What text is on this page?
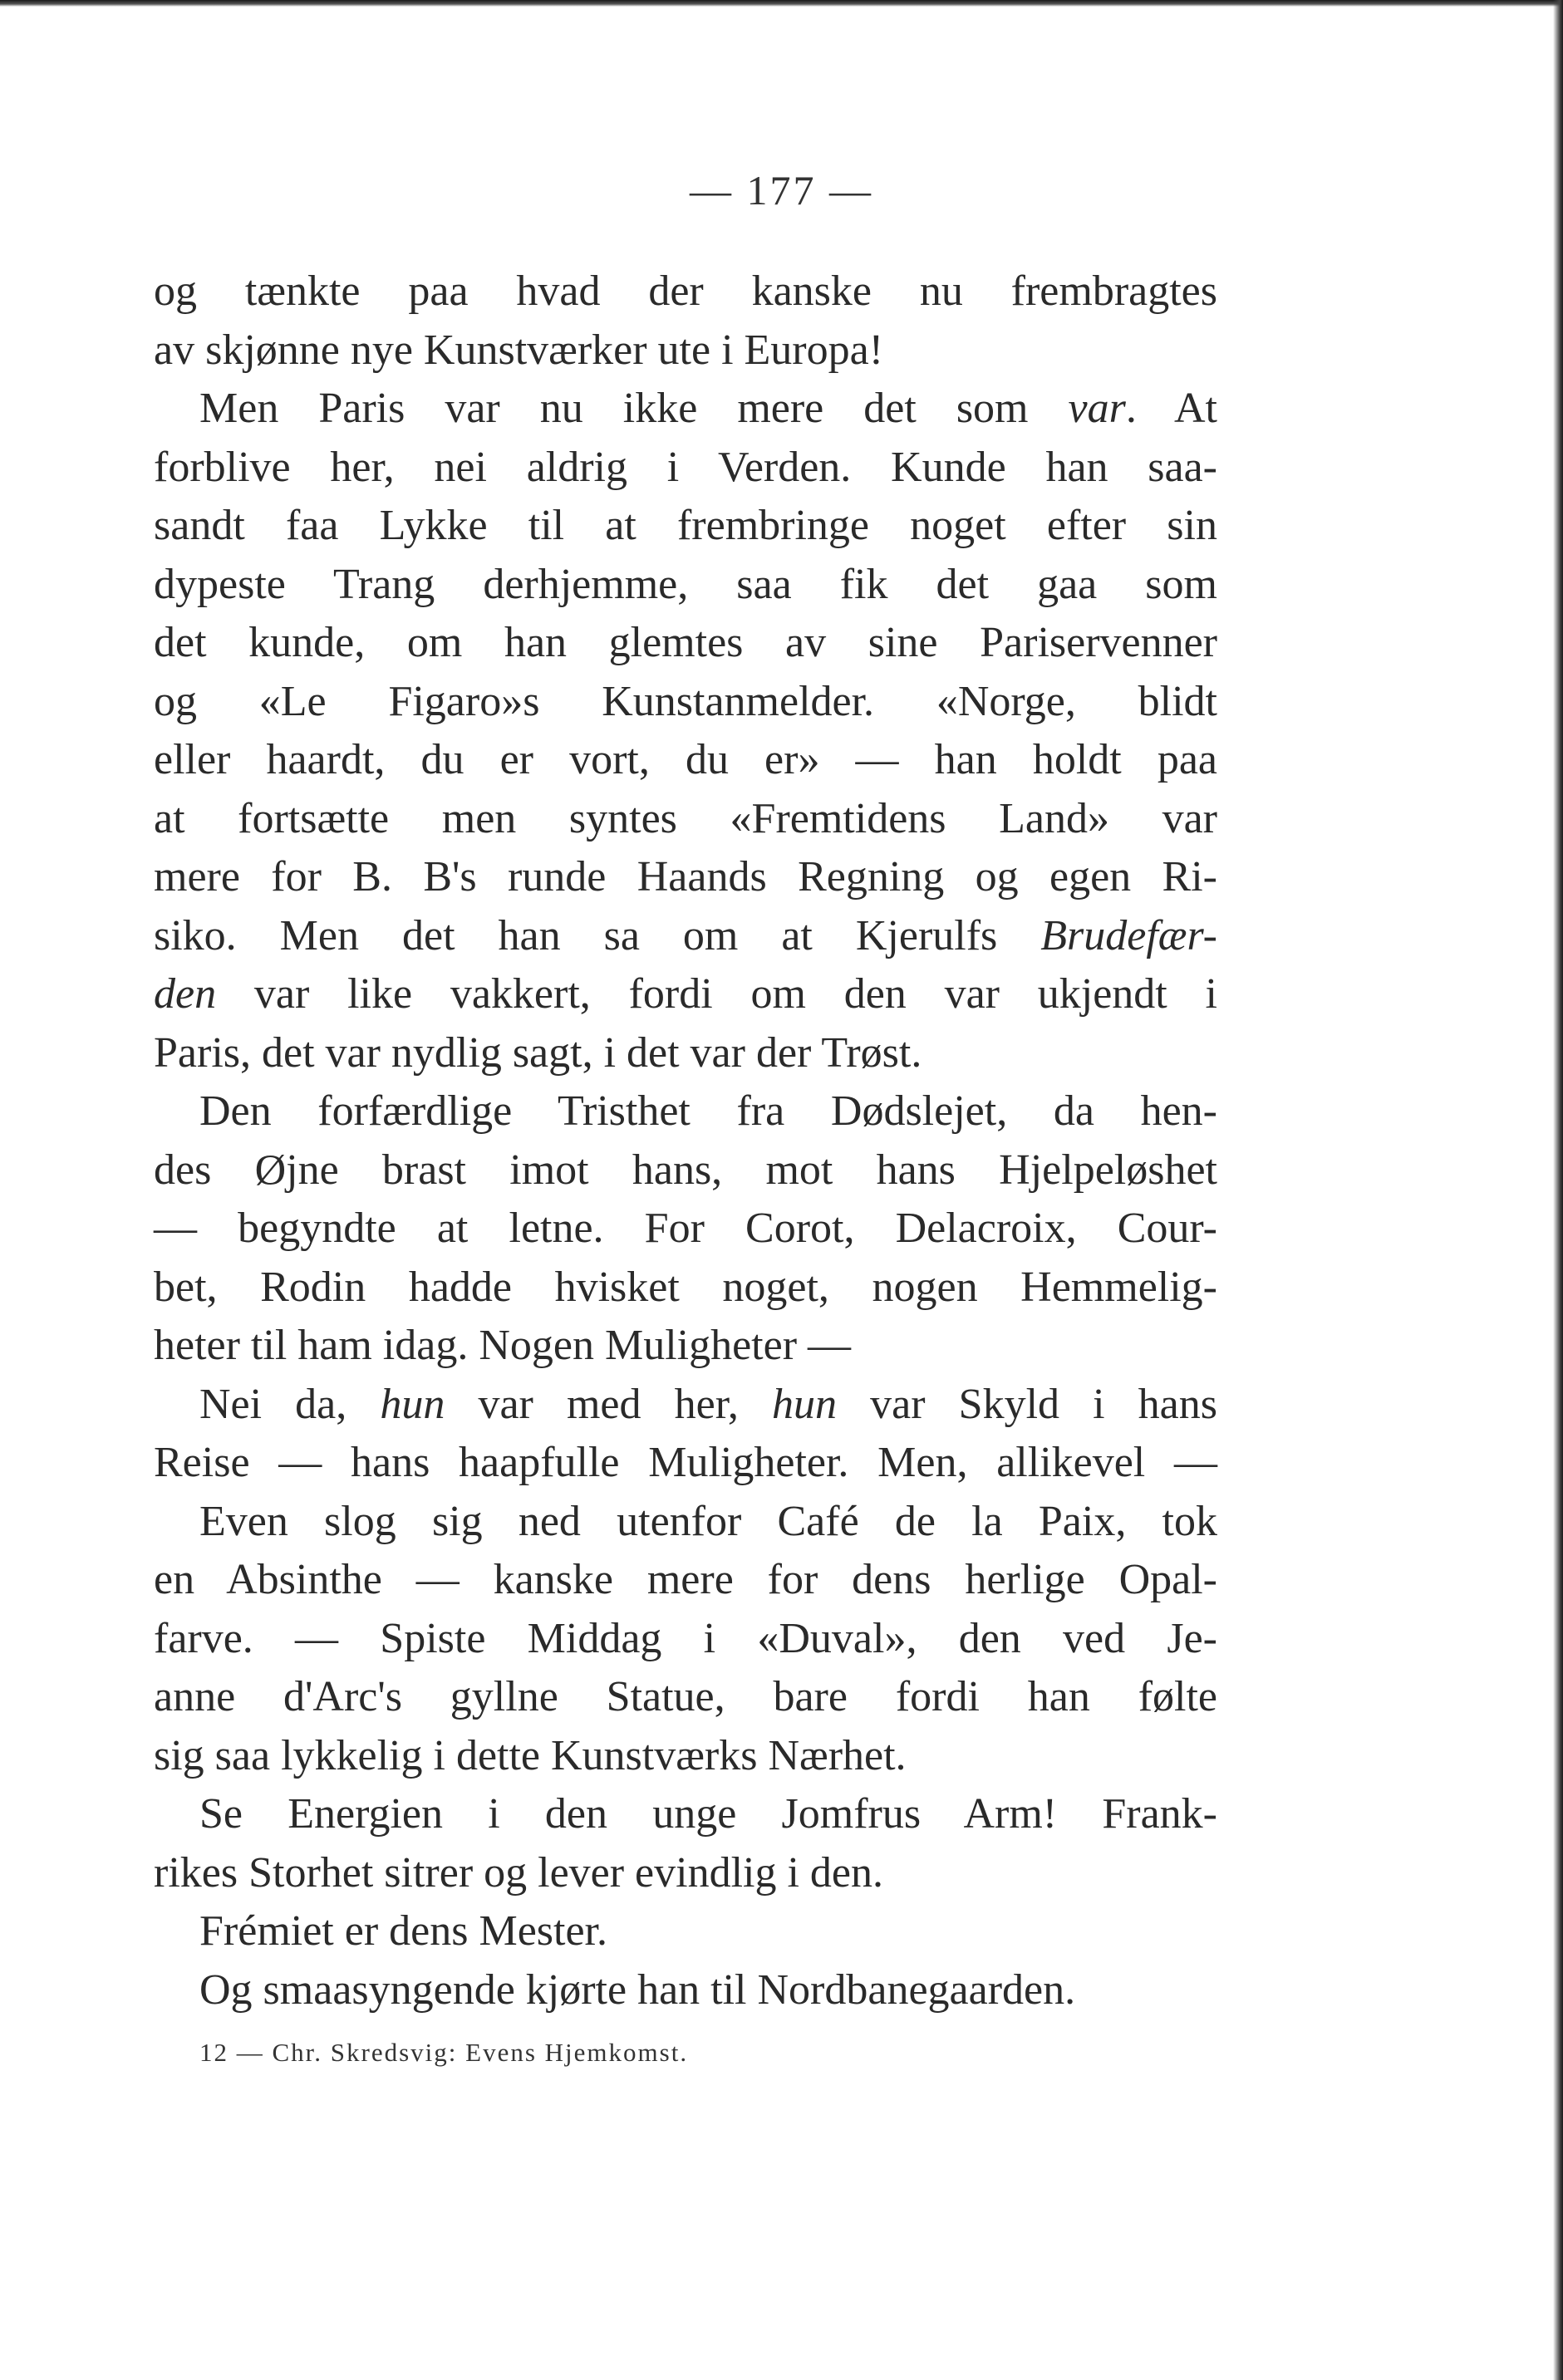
— 177 —
og tænkte paa hvad der kanske nu frembragtes
av skjønne nye Kunstværker ute i Europa!
Men Paris var nu ikke mere det som var. At
forblive her, nei aldrig i Verden. Kunde han saa-
sandt faa Lykke til at frembringe noget efter sin
dypeste Trang derhjemme, saa fik det gaa som
det kunde, om han glemtes av sine Pariservenner
og «Le Figaro»s Kunstanmelder. «Norge, blidt
eller haardt, du er vort, du er» — han holdt paa
at fortsætte men syntes «Fremtidens Land» var
mere for B. B's runde Haands Regning og egen Ri-
siko. Men det han sa om at Kjerulfs Brudefær-
den var like vakkert, fordi om den var ukjendt i
Paris, det var nydlig sagt, i det var der Trøst.
Den forfærdlige Tristhet fra Dødslejet, da hen-
des Øjne brast imot hans, mot hans Hjelpeløshet
— begyndte at letne. For Corot, Delacroix, Cour-
bet, Rodin hadde hvisket noget, nogen Hemmelig-
heter til ham idag. Nogen Muligheter —
Nei da, hun var med her, hun var Skyld i hans
Reise — hans haapfulle Muligheter. Men, allikevel —
Even slog sig ned utenfor Café de la Paix, tok
en Absinthe — kanske mere for dens herlige Opal-
farve. — Spiste Middag i «Duval», den ved Je-
anne d'Arc's gyllne Statue, bare fordi han følte
sig saa lykkelig i dette Kunstværks Nærhet.
Se Energien i den unge Jomfrus Arm! Frank-
rikes Storhet sitrer og lever evindlig i den.
Frémiet er dens Mester.
Og smaasyngende kjørte han til Nordbanegaarden.
12 — Chr. Skredsvig: Evens Hjemkomst.
